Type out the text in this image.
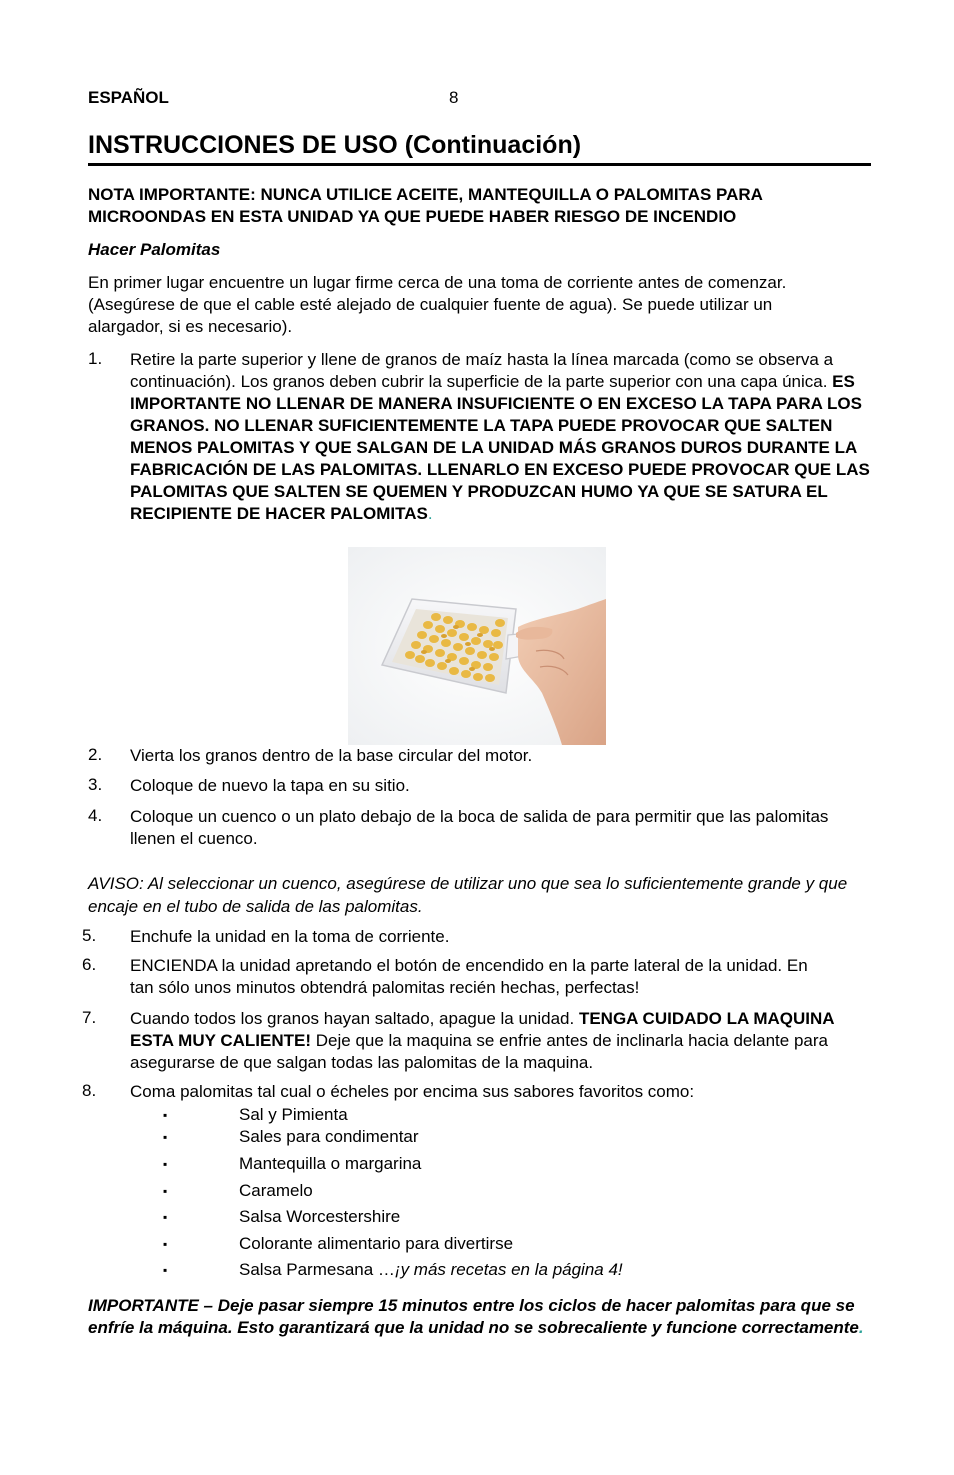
ESPAÑOL	8
INSTRUCCIONES DE USO (Continuación)
NOTA IMPORTANTE: NUNCA UTILICE ACEITE, MANTEQUILLA O PALOMITAS PARA MICROONDAS EN ESTA UNIDAD YA QUE PUEDE HABER RIESGO DE INCENDIO
Hacer Palomitas
En primer lugar encuentre un lugar firme cerca de una toma de corriente antes de comenzar. (Asegúrese de que el cable esté alejado de cualquier fuente de agua). Se puede utilizar un alargador, si es necesario).
1. Retire la parte superior y llene de granos de maíz hasta la línea marcada (como se observa a continuación). Los granos deben cubrir la superficie de la parte superior con una capa única. ES IMPORTANTE NO LLENAR DE MANERA INSUFICIENTE O EN EXCESO LA TAPA PARA LOS GRANOS. NO LLENAR SUFICIENTEMENTE LA TAPA PUEDE PROVOCAR QUE SALTEN MENOS PALOMITAS Y QUE SALGAN DE LA UNIDAD MÁS GRANOS DUROS DURANTE LA FABRICACIÓN DE LAS PALOMITAS. LLENARLO EN EXCESO PUEDE PROVOCAR QUE LAS PALOMITAS QUE SALTEN SE QUEMEN Y PRODUZCAN HUMO YA QUE SE SATURA EL RECIPIENTE DE HACER PALOMITAS.
2. Vierta los granos dentro de la base circular del motor.
3. Coloque de nuevo la tapa en su sitio.
4. Coloque un cuenco o un plato debajo de la boca de salida de para permitir que las palomitas llenen el cuenco.
AVISO: Al seleccionar un cuenco, asegúrese de utilizar uno que sea lo suficientemente grande y que encaje en el tubo de salida de las palomitas.
5. Enchufe la unidad en la toma de corriente.
6. ENCIENDA la unidad apretando el botón de encendido en la parte lateral de la unidad. En tan sólo unos minutos obtendrá palomitas recién hechas, perfectas!
7. Cuando todos los granos hayan saltado, apague la unidad. TENGA CUIDADO LA MAQUINA ESTA MUY CALIENTE! Deje que la maquina se enfrie antes de inclinarla hacia delante para asegurarse de que salgan todas las palomitas de la maquina.
8. Coma palomitas tal cual o écheles por encima sus sabores favoritos como:
▪	Sal y Pimienta
▪	Sales para condimentar
▪	Mantequilla o margarina
▪	Caramelo
▪	Salsa Worcestershire
▪	Colorante alimentario para divertirse
▪	Salsa Parmesana …¡y más recetas en la página 4!
IMPORTANTE – Deje pasar siempre 15 minutos entre los ciclos de hacer palomitas para que se enfríe la máquina. Esto garantizará que la unidad no se sobrecaliente y funcione correctamente.
